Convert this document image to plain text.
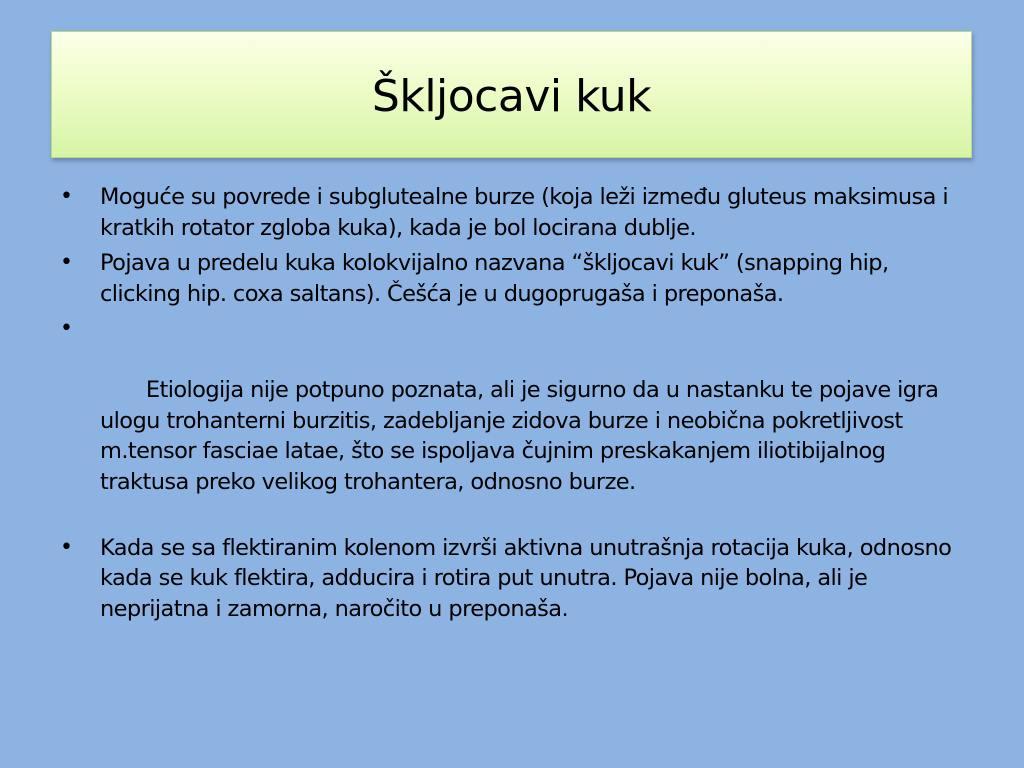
Škljocavi kuk
• Moguće su povrede i subglutealne burze (koja leži između gluteus maksimusa i kratkih rotator zgloba kuka), kada je bol locirana dublje.
• Pojava u predelu kuka kolokvijalno nazvana “škljocavi kuk” (snapping hip, clicking hip. coxa saltans). Češća je u dugoprugaša i preponaša.

•

Etiologija nije potpuno poznata, ali je sigurno da u nastanku te pojave igra ulogu trohanterni burzitis, zadebljanje zidova burze i neobična pokretljivost m.tensor fasciae latae, što se ispoljava čujnim preskakanjem iliotibijalnog traktusa preko velikog trohantera, odnosno burze.

• Kada se sa flektiranim kolenom izvrši aktivna unutrašnja rotacija kuka, odnosno kada se kuk flektira, adducira i rotira put unutra. Pojava nije bolna, ali je neprijatna i zamorna, naročito u preponaša.
